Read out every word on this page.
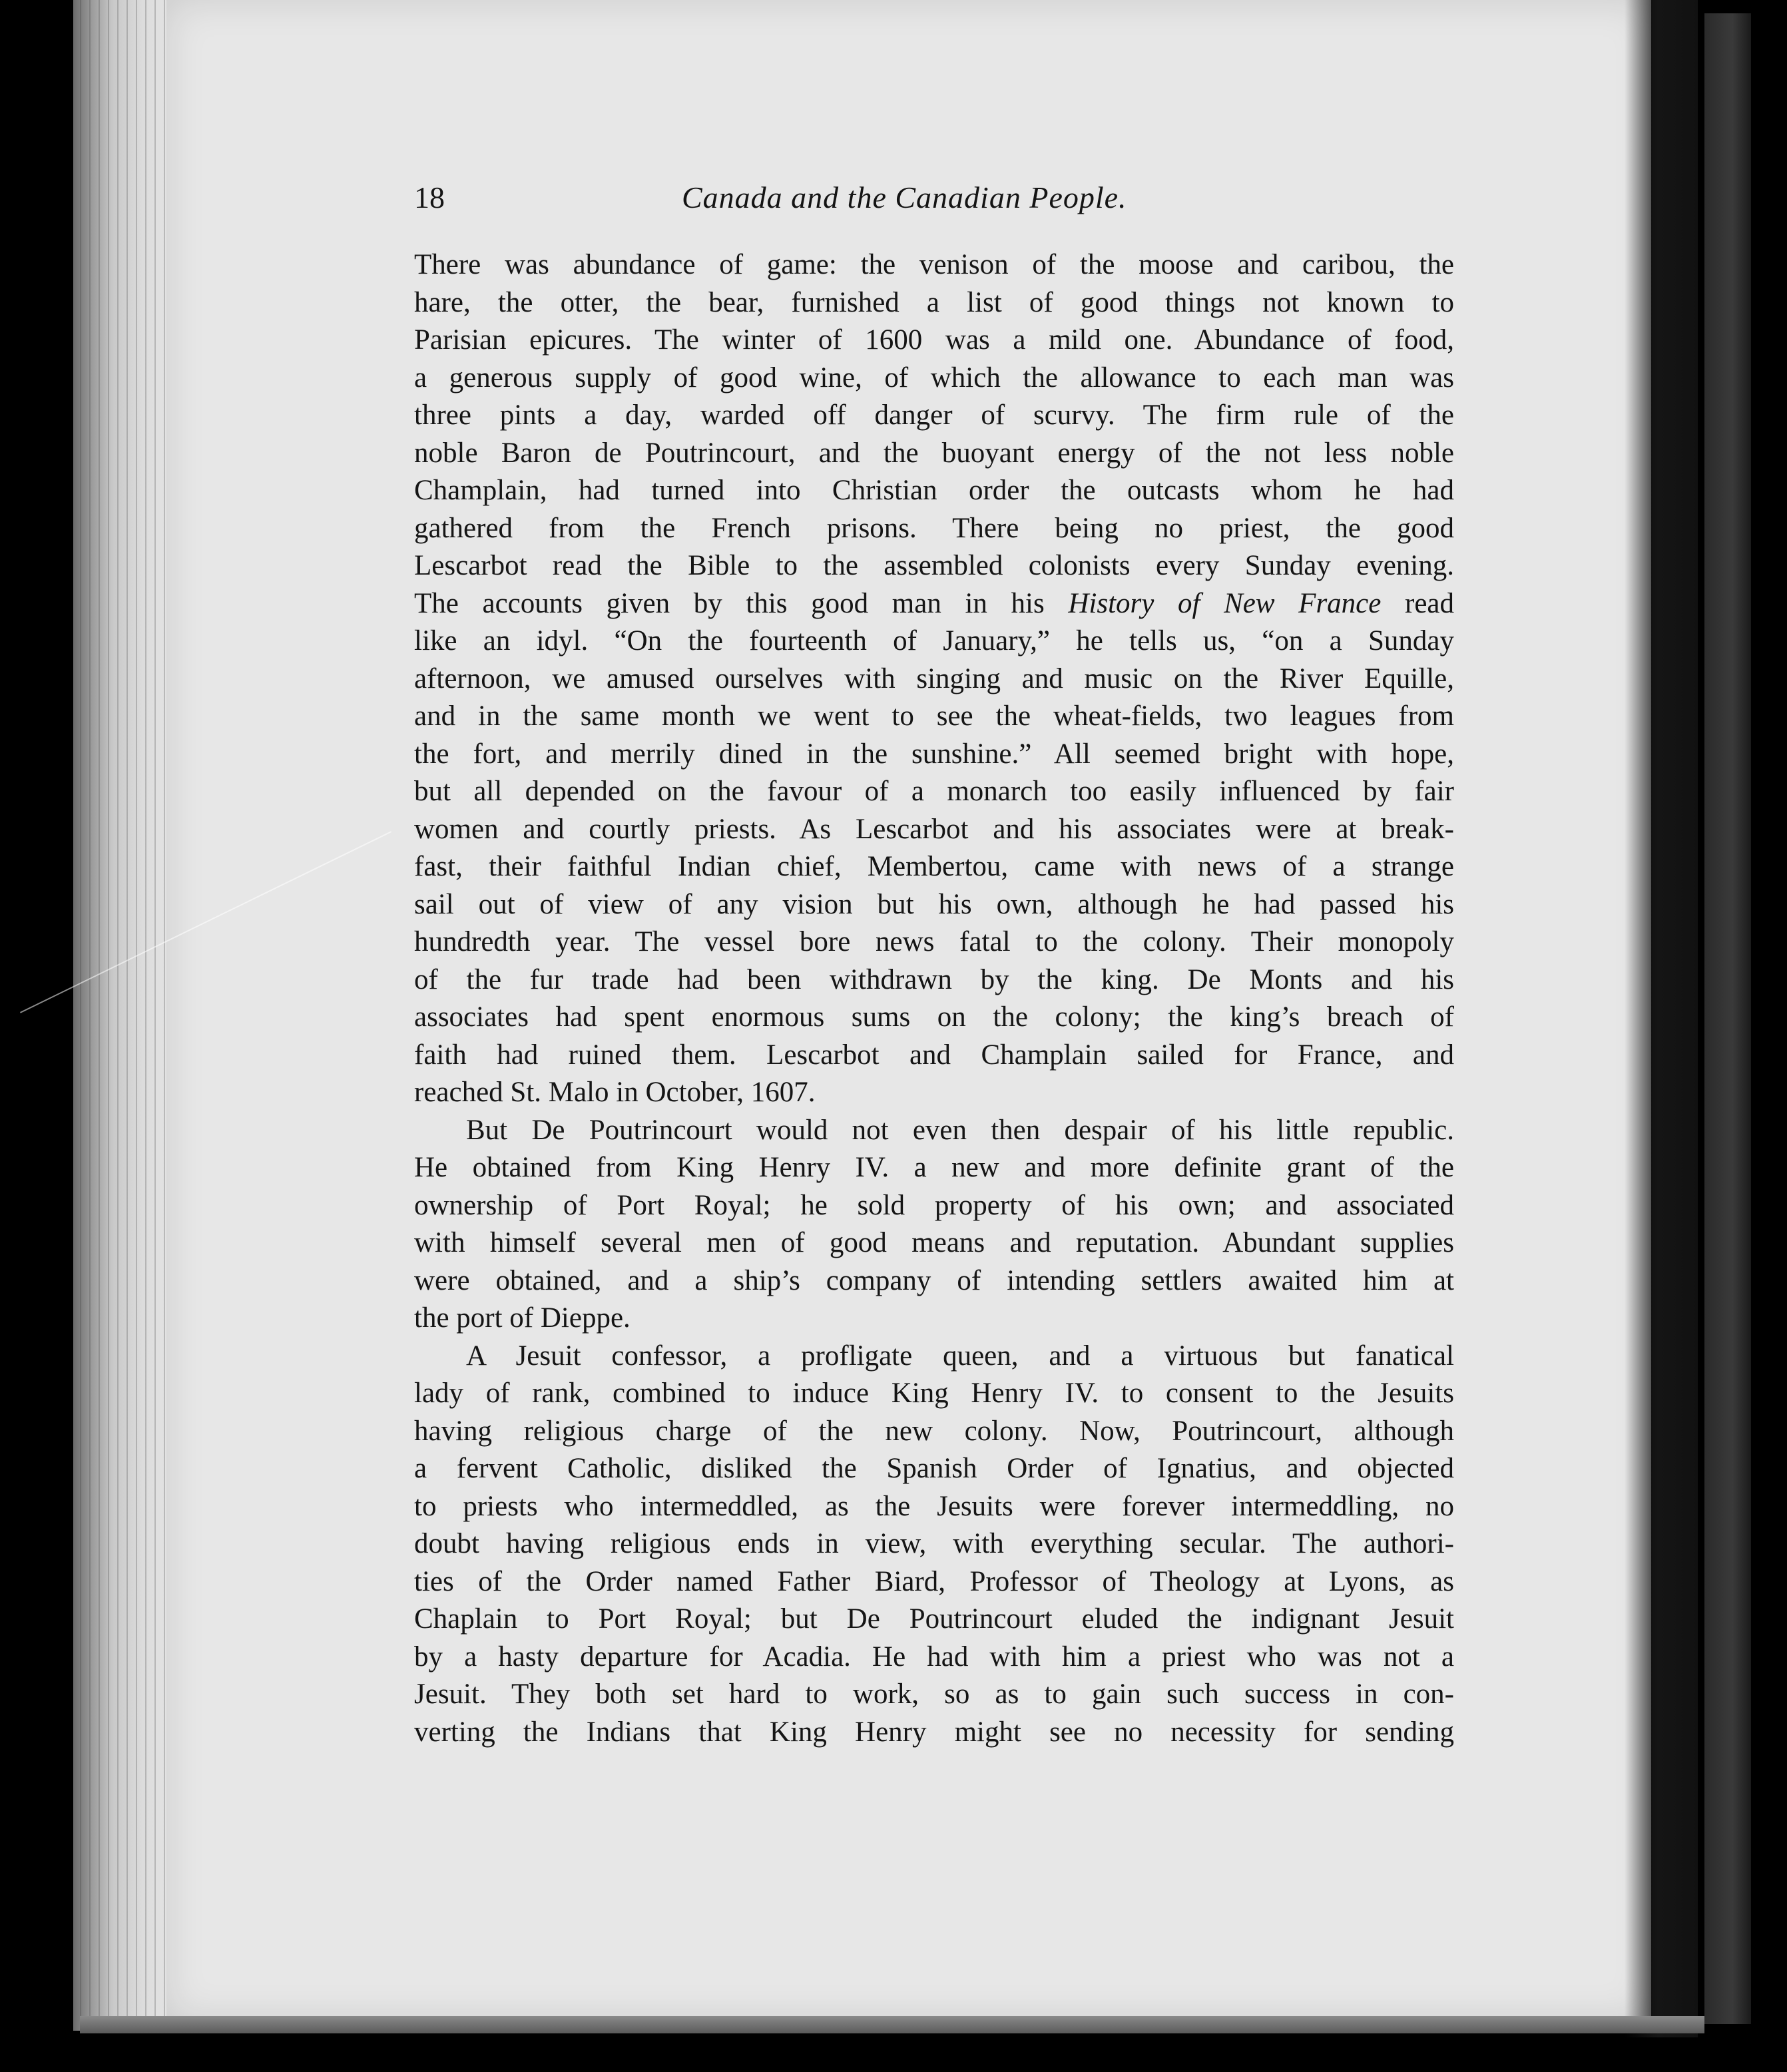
18	Canada and the Canadian People.
There was abundance of game: the venison of the moose and caribou, the
hare, the otter, the bear, furnished a list of good things not known to
Parisian epicures. The winter of 1600 was a mild one. Abundance of food,
a generous supply of good wine, of which the allowance to each man was
three pints a day, warded off danger of scurvy. The firm rule of the
noble Baron de Poutrincourt, and the buoyant energy of the not less noble
Champlain, had turned into Christian order the outcasts whom he had
gathered from the French prisons. There being no priest, the good
Lescarbot read the Bible to the assembled colonists every Sunday evening.
The accounts given by this good man in his History of New France read
like an idyl. “On the fourteenth of January,” he tells us, “on a Sunday
afternoon, we amused ourselves with singing and music on the River Equille,
and in the same month we went to see the wheat-fields, two leagues from
the fort, and merrily dined in the sunshine.” All seemed bright with hope,
but all depended on the favour of a monarch too easily influenced by fair
women and courtly priests. As Lescarbot and his associates were at break-
fast, their faithful Indian chief, Membertou, came with news of a strange
sail out of view of any vision but his own, although he had passed his
hundredth year. The vessel bore news fatal to the colony. Their monopoly
of the fur trade had been withdrawn by the king. De Monts and his
associates had spent enormous sums on the colony; the king’s breach of
faith had ruined them. Lescarbot and Champlain sailed for France, and
reached St. Malo in October, 1607.
But De Poutrincourt would not even then despair of his little republic.
He obtained from King Henry IV. a new and more definite grant of the
ownership of Port Royal; he sold property of his own; and associated
with himself several men of good means and reputation. Abundant supplies
were obtained, and a ship’s company of intending settlers awaited him at
the port of Dieppe.
A Jesuit confessor, a profligate queen, and a virtuous but fanatical
lady of rank, combined to induce King Henry IV. to consent to the Jesuits
having religious charge of the new colony. Now, Poutrincourt, although
a fervent Catholic, disliked the Spanish Order of Ignatius, and objected
to priests who intermeddled, as the Jesuits were forever intermeddling, no
doubt having religious ends in view, with everything secular. The authori-
ties of the Order named Father Biard, Professor of Theology at Lyons, as
Chaplain to Port Royal; but De Poutrincourt eluded the indignant Jesuit
by a hasty departure for Acadia. He had with him a priest who was not a
Jesuit. They both set hard to work, so as to gain such success in con-
verting the Indians that King Henry might see no necessity for sending
